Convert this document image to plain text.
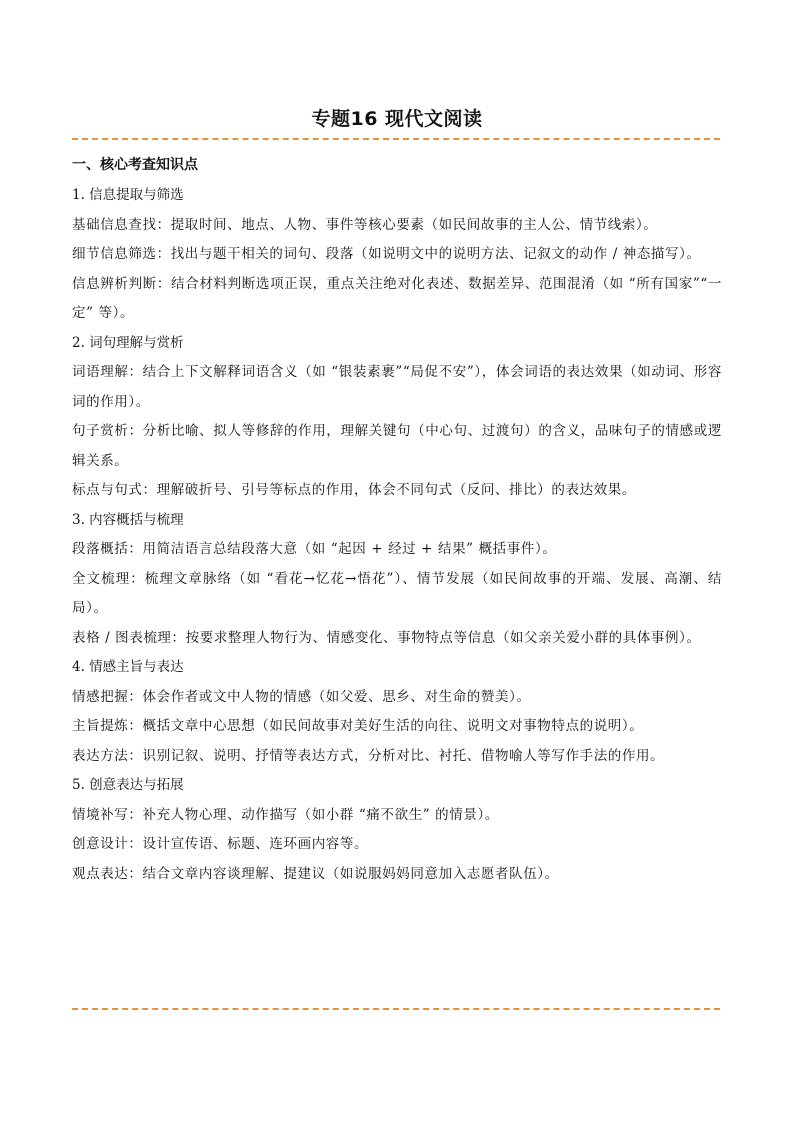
专题16 现代文阅读
一、核心考查知识点
1. 信息提取与筛选
基础信息查找：提取时间、地点、人物、事件等核心要素（如民间故事的主人公、情节线索）。
细节信息筛选：找出与题干相关的词句、段落（如说明文中的说明方法、记叙文的动作 / 神态描写）。
信息辨析判断：结合材料判断选项正误，重点关注绝对化表述、数据差异、范围混淆（如 “所有国家”“一定” 等）。
2. 词句理解与赏析
词语理解：结合上下文解释词语含义（如 “银装素裹”“局促不安”），体会词语的表达效果（如动词、形容词的作用）。
句子赏析：分析比喻、拟人等修辞的作用，理解关键句（中心句、过渡句）的含义，品味句子的情感或逻辑关系。
标点与句式：理解破折号、引号等标点的作用，体会不同句式（反问、排比）的表达效果。
3. 内容概括与梳理
段落概括：用简洁语言总结段落大意（如 “起因 + 经过 + 结果” 概括事件）。
全文梳理：梳理文章脉络（如 “看花→忆花→悟花”）、情节发展（如民间故事的开端、发展、高潮、结局）。
表格 / 图表梳理：按要求整理人物行为、情感变化、事物特点等信息（如父亲关爱小群的具体事例）。
4. 情感主旨与表达
情感把握：体会作者或文中人物的情感（如父爱、思乡、对生命的赞美）。
主旨提炼：概括文章中心思想（如民间故事对美好生活的向往、说明文对事物特点的说明）。
表达方法：识别记叙、说明、抒情等表达方式，分析对比、衬托、借物喻人等写作手法的作用。
5. 创意表达与拓展
情境补写：补充人物心理、动作描写（如小群 “痛不欲生” 的情景）。
创意设计：设计宣传语、标题、连环画内容等。
观点表达：结合文章内容谈理解、提建议（如说服妈妈同意加入志愿者队伍）。
